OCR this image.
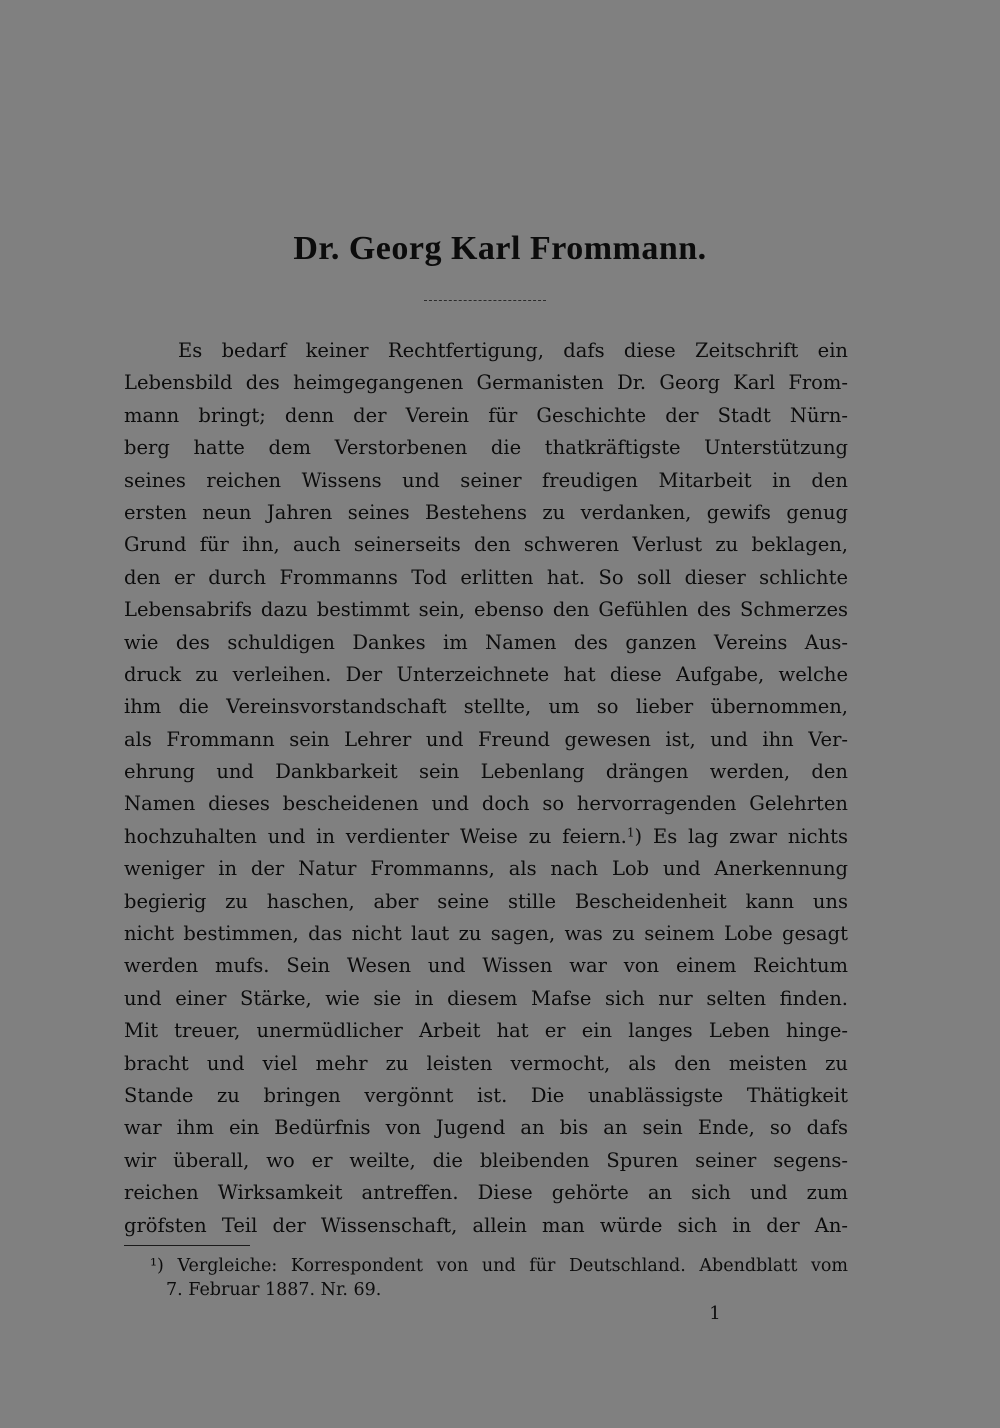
Dr. Georg Karl Frommann.
Es bedarf keiner Rechtfertigung, dafs diese Zeitschrift ein
Lebensbild des heimgegangenen Germanisten Dr. Georg Karl From-
mann bringt; denn der Verein für Geschichte der Stadt Nürn-
berg hatte dem Verstorbenen die thatkräftigste Unterstützung
seines reichen Wissens und seiner freudigen Mitarbeit in den
ersten neun Jahren seines Bestehens zu verdanken, gewifs genug
Grund für ihn, auch seinerseits den schweren Verlust zu beklagen,
den er durch Frommanns Tod erlitten hat. So soll dieser schlichte
Lebensabrifs dazu bestimmt sein, ebenso den Gefühlen des Schmerzes
wie des schuldigen Dankes im Namen des ganzen Vereins Aus-
druck zu verleihen. Der Unterzeichnete hat diese Aufgabe, welche
ihm die Vereinsvorstandschaft stellte, um so lieber übernommen,
als Frommann sein Lehrer und Freund gewesen ist, und ihn Ver-
ehrung und Dankbarkeit sein Lebenlang drängen werden, den
Namen dieses bescheidenen und doch so hervorragenden Gelehrten
hochzuhalten und in verdienter Weise zu feiern.$^1$) Es lag zwar nichts
weniger in der Natur Frommanns, als nach Lob und Anerkennung
begierig zu haschen, aber seine stille Bescheidenheit kann uns
nicht bestimmen, das nicht laut zu sagen, was zu seinem Lobe gesagt
werden mufs. Sein Wesen und Wissen war von einem Reichtum
und einer Stärke, wie sie in diesem Mafse sich nur selten finden.
Mit treuer, unermüdlicher Arbeit hat er ein langes Leben hinge-
bracht und viel mehr zu leisten vermocht, als den meisten zu
Stande zu bringen vergönnt ist. Die unablässigste Thätigkeit
war ihm ein Bedürfnis von Jugend an bis an sein Ende, so dafs
wir überall, wo er weilte, die bleibenden Spuren seiner segens-
reichen Wirksamkeit antreffen. Diese gehörte an sich und zum
gröfsten Teil der Wissenschaft, allein man würde sich in der An-
¹) Vergleiche: Korrespondent von und für Deutschland. Abendblatt vom
7. Februar 1887. Nr. 69.
1
